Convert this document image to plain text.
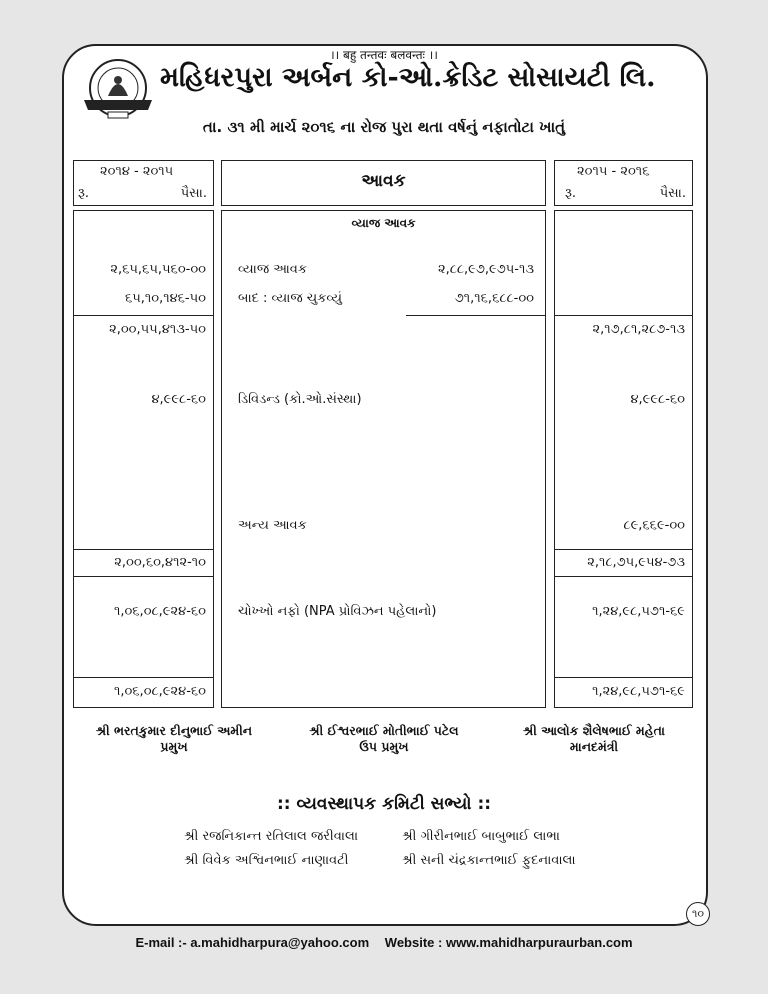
।। बहु तन्तवः बलवन्तः ।।
મહિધરપુરા અર્બન કો-ઓ.ક્રેડિટ સોસાયટી લિ.
તા. ૩૧ મી માર્ચ ૨૦૧૬ ના રોજ પુરા થતા વર્ષનું નફાતોટા ખાતું
૨૦૧૪ - ૨૦૧૫
રૂ.	પૈસા.
આવક	૨૦૧૫ - ૨૦૧૬
રૂ.	પૈસા.
વ્યાજ આવક
૨,૬૫,૬૫,૫૬૦-૦૦ વ્યાજ આવક	૨,૮૮,૯૭,૯૭૫-૧૩
૬૫,૧૦,૧૪૬-૫૦ બાદ : વ્યાજ ચુકવ્યું	૭૧,૧૬,૬૮૮-૦૦
૨,૦૦,૫૫,૪૧૩-૫૦	૨,૧૭,૮૧,૨૮૭-૧૩
૪,૯૯૮-૬૦ ડિવિડન્ડ (કો.ઓ.સંસ્થા)	૪,૯૯૮-૬૦
અન્ય આવક	૮૯,૬૬૯-૦૦
૨,૦૦,૬૦,૪૧૨-૧૦	૨,૧૮,૭૫,૯૫૪-૭૩
૧,૦૬,૦૮,૯૨૪-૬૦ ચોખ્ખો નફો (NPA પ્રોવિઝન પહેલાનો)	૧,૨૪,૯૮,૫૭૧-૬૯
૧,૦૬,૦૮,૯૨૪-૬૦	૧,૨૪,૯૮,૫૭૧-૬૯
શ્રી ભરતકુમાર દીનુભાઈ અમીન
પ્રમુખ
શ્રી ઈશ્વરભાઈ મોતીભાઈ પટેલ
ઉપ પ્રમુખ
શ્રી આલોક શૈલેષભાઈ મહેતા
માનદમંત્રી
:: વ્યવસ્થાપક કમિટી સભ્યો ::
શ્રી રજનિકાન્ત રતિલાલ જરીવાલા	શ્રી ગીરીનભાઈ બાબુભાઈ લાભા
શ્રી વિવેક અશ્વિનભાઈ નાણાવટી	શ્રી સની ચંદ્રકાન્તભાઈ ફુદનાવાલા
૧૦
E-mail :- a.mahidharpura@yahoo.com Website : www.mahidharpuraurban.com
